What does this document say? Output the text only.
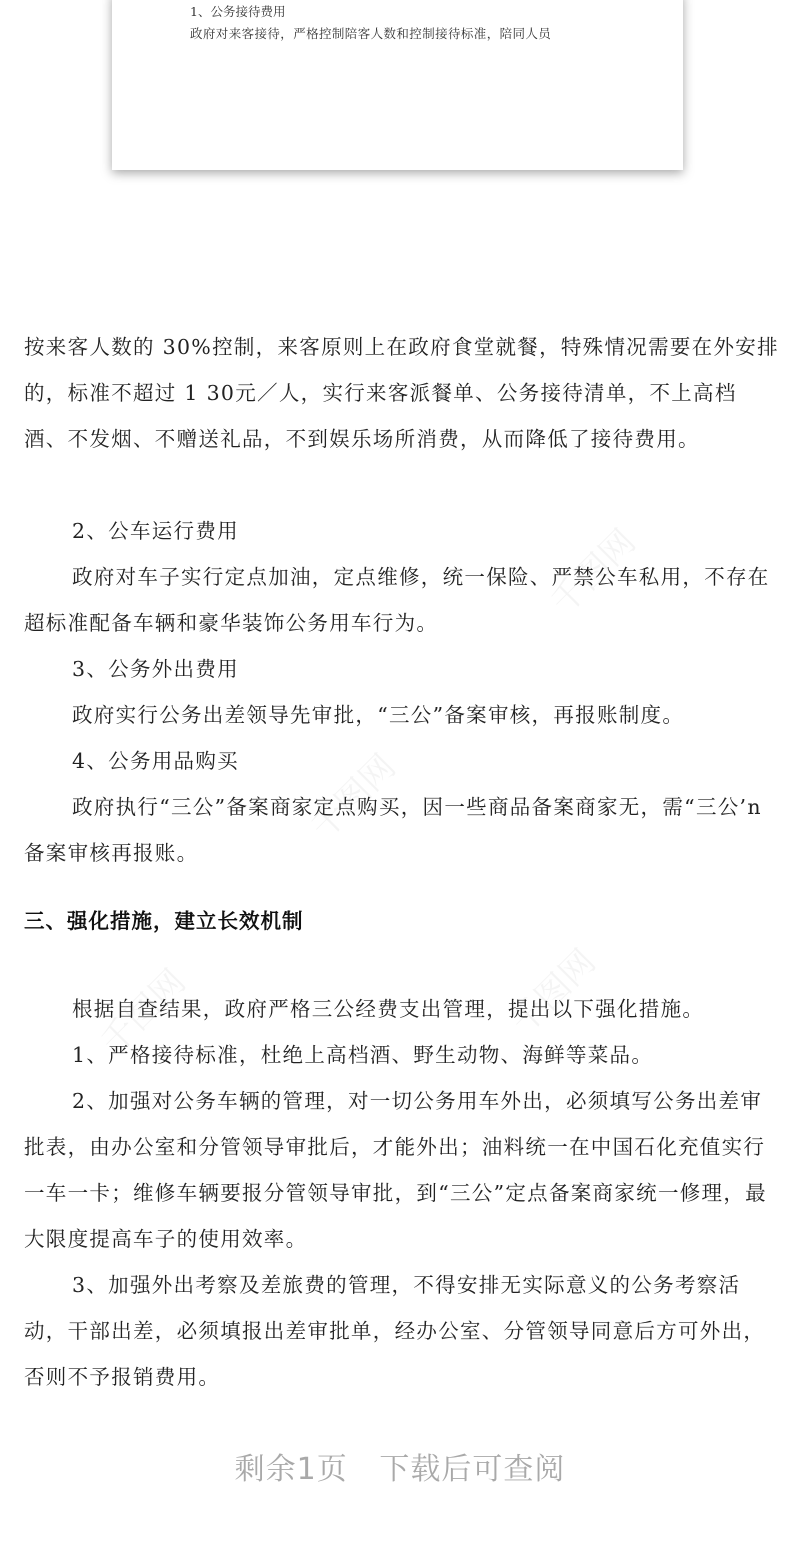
1、公务接待费用
政府对来客接待，严格控制陪客人数和控制接待标准，陪同人员

按来客人数的 30%控制，来客原则上在政府食堂就餐，特殊情况需要在外安排的，标准不超过 1 30元／人，实行来客派餐单、公务接待清单，不上高档酒、不发烟、不赠送礼品，不到娱乐场所消费，从而降低了接待费用。

2、公车运行费用

政府对车子实行定点加油，定点维修，统一保险、严禁公车私用，不存在超标准配备车辆和豪华装饰公务用车行为。

3、公务外出费用

政府实行公务出差领导先审批，“三公”备案审核，再报账制度。

4、公务用品购买

政府执行“三公”备案商家定点购买，因一些商品备案商家无，需“三公’n备案审核再报账。

三、强化措施，建立长效机制

根据自查结果，政府严格三公经费支出管理，提出以下强化措施。

1、严格接待标准，杜绝上高档酒、野生动物、海鲜等菜品。

2、加强对公务车辆的管理，对一切公务用车外出，必须填写公务出差审批表，由办公室和分管领导审批后，才能外出；油料统一在中国石化充值实行一车一卡；维修车辆要报分管领导审批，到“三公”定点备案商家统一修理，最大限度提高车子的使用效率。

3、加强外出考察及差旅费的管理，不得安排无实际意义的公务考察活动，干部出差，必须填报出差审批单，经办公室、分管领导同意后方可外出，否则不予报销费用。

剩余1页   下载后可查阅
